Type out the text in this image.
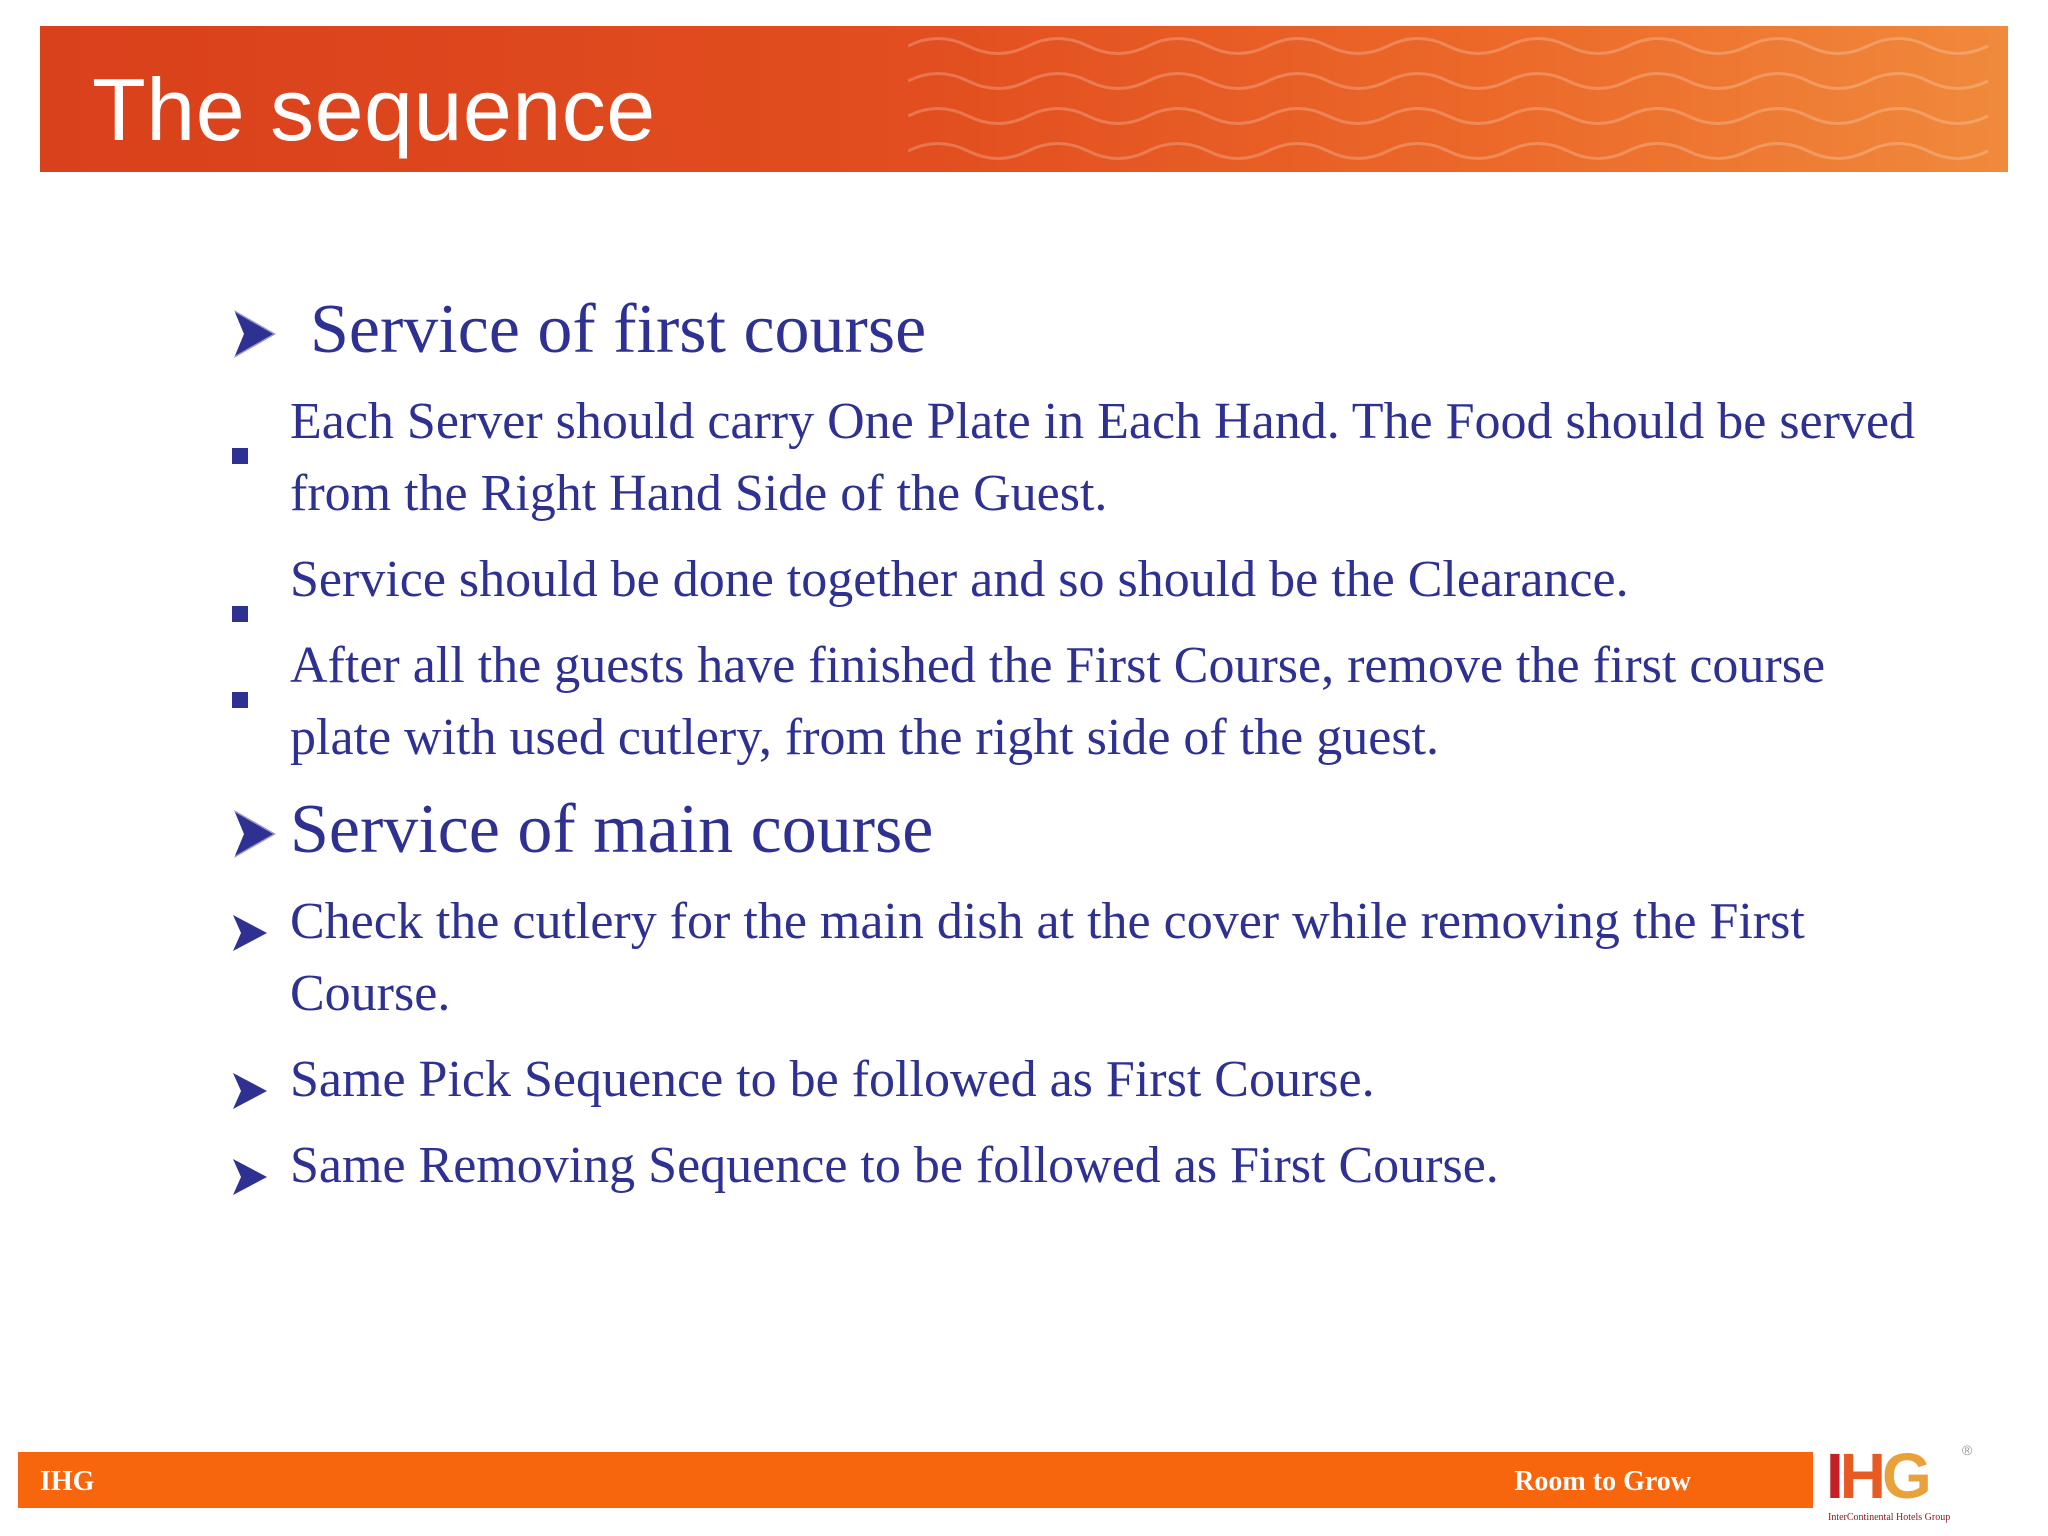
The sequence
Service of first course
Each Server should carry One Plate in Each Hand. The Food should be served from the Right Hand Side of the Guest.
Service should be done together and so should be the Clearance.
After all the guests have finished the First Course, remove the first course plate with used cutlery, from the right side of the guest.
Service of main course
Check the cutlery for the main dish at the cover while removing the First Course.
Same Pick Sequence to be followed as First Course.
Same Removing Sequence to be followed as First Course.
IHG	Room to Grow IHG ®
InterContinental Hotels Group
